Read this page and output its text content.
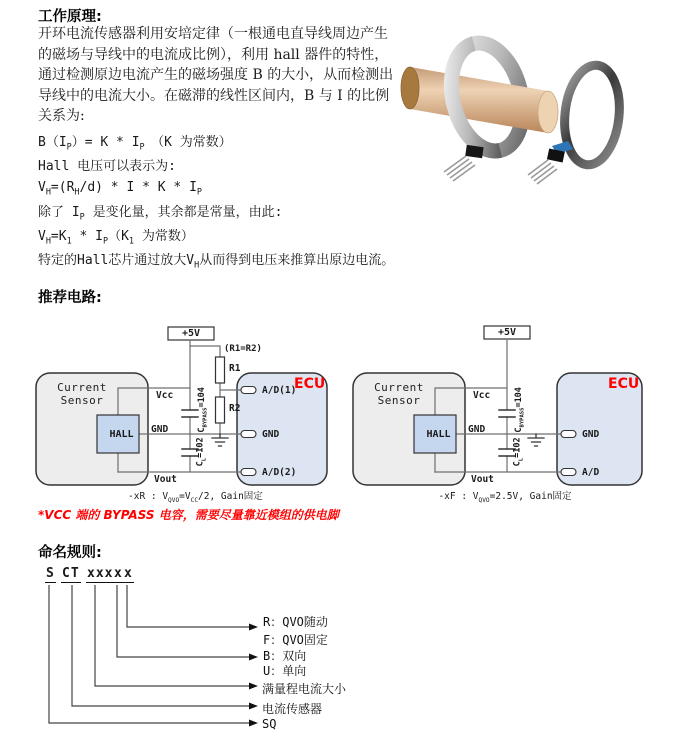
工作原理:
开环电流传感器利用安培定律（一根通电直导线周边产生
的磁场与导线中的电流成比例），利用 hall 器件的特性，
通过检测原边电流产生的磁场强度 B 的大小，从而检测出
导线中的电流大小。在磁滞的线性区间内，B 与 I 的比例
关系为:
$B(I_P)= K * I_P$　（K 为常数）
Hall 电压可以表示为:
$V_H=(R_H/d) * I * K * I_P$
除了 $I_P$ 是变化量，其余都是常量，由此:
$V_H=K_1 * I_P(K_1$ 为常数）
特定的Hall芯片通过放大$V_H$从而得到电压来推算出原边电流。
推荐电路:
+5V
(R1=R2)
R1
R2
Current
Sensor
HALL
Vcc
GND
Vout
$C_{BYPASS}=104$
$C_L=102$
ECU
A/D(1)
GND
A/D(2)
-xR : $V_{QVO}=V_{CC}/2$, Gain固定
+5V
Current
Sensor
HALL
Vcc
GND
Vout
$C_{BYPASS}=104$
$C_L=102$
ECU
GND
A/D
-xF : $V_{QVO}=2.5V$, Gain固定
*VCC 端的 BYPASS 电容，需要尽量靠近模组的供电脚
命名规则:
S CT xxx x x
R：QVO随动
F：QVO固定
B：双向
U：单向
满量程电流大小
电流传感器
SQ
